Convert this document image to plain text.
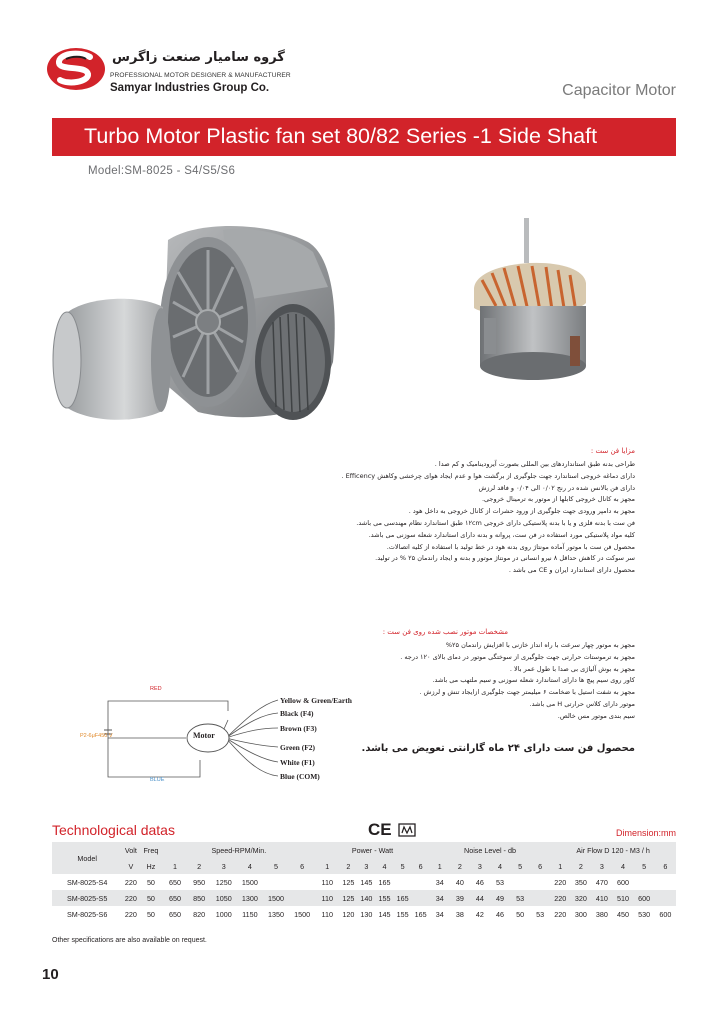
گروه سامیار صنعت زاگرس
PROFESSIONAL MOTOR DESIGNER & MANUFACTURER
Samyar Industries Group Co.	Capacitor Motor
Turbo Motor Plastic fan set 80/82 Series -1 Side Shaft
Model:SM-8025 - S4/S5/S6
مزایا فن ست :
طراحی بدنه طبق استانداردهای بین المللی بصورت آیرودینامیک و کم صدا .
دارای دماغه خروجی استاندارد جهت جلوگیری از برگشت هوا و عدم ایجاد هوای چرخشی وکاهش Efficency .
دارای فن بالانس شده در رنج ۰/۰۲ الی ۰/۰۴ و فاقد لرزش
مجهز به کانال خروجی کابلها از موتور به ترمینال خروجی.
مجهز به دامپر ورودی جهت جلوگیری از ورود حشرات از کانال خروجی به داخل هود .
فن ست با بدنه فلزی و یا با بدنه پلاستیکی دارای خروجی ۱۲cm طبق استاندارد نظام مهندسی می باشد.
کلیه مواد پلاستیکی مورد استفاده در فن ست، پروانه و بدنه دارای استاندارد شعله سوزنی می باشد.
محصول فن ست با موتور آماده مونتاژ روی بدنه هود در خط تولید با استفاده از کلیه اتصالات.
سر سوکت در کاهش حداقل ۸ نیرو انسانی در مونتاژ موتور و بدنه و ایجاد راندمان ۲۵ % در تولید.
محصول دارای استاندارد ایران و CE می باشد .
مشخصات موتور نصب شده روی فن ست :
مجهز به موتور چهار سرعت با راه انداز خازنی با افزایش راندمان ۲۵%
مجهز به ترموستات حرارتی جهت جلوگیری از سوختگی موتور در دمای بالای ۱۲۰ درجه .
مجهز به بوش آلیاژی بی صدا با طول عمر بالا .
کاور روی سیم پیچ ها دارای استاندارد شعله سوزنی و سیم ملتهب می باشد.
مجهز به شفت استیل با ضخامت ۶ میلیمتر جهت جلوگیری ازایجاد تنش و لرزش .
موتور دارای کلاس حرارتی H می باشد.
سیم بندی موتور مس خالص.
محصول فن ست دارای ۲۴ ماه گارانتی تعویض می باشد.
Motor
RED
BLUE
P2-6μF450 V
Yellow & Green/Earth
Black (F4)
Brown (F3)
Green (F2)
White (F1)
Blue (COM)
Technological datas	CE	Dimension:mm
Model	Volt	Freq	Speed-RPM/Min.						Power - Watt						Noise Level - db						Air Flow D 120 - M3 / h					
	V	Hz	1	2	3	4	5	6	1	2	3	4	5	6	1	2	3	4	5	6	1	2	3	4	5	6
SM-8025-S4	220	50	650	950	1250	1500			110	125	145	165			34	40	46	53			220	350	470	600		
SM-8025-S5	220	50	650	850	1050	1300	1500		110	125	140	155	165		34	39	44	49	53		220	320	410	510	600	
SM-8025-S6	220	50	650	820	1000	1150	1350	1500	110	120	130	145	155	165	34	38	42	46	50	53	220	300	380	450	530	600
Other specifications are also available on request.
10
